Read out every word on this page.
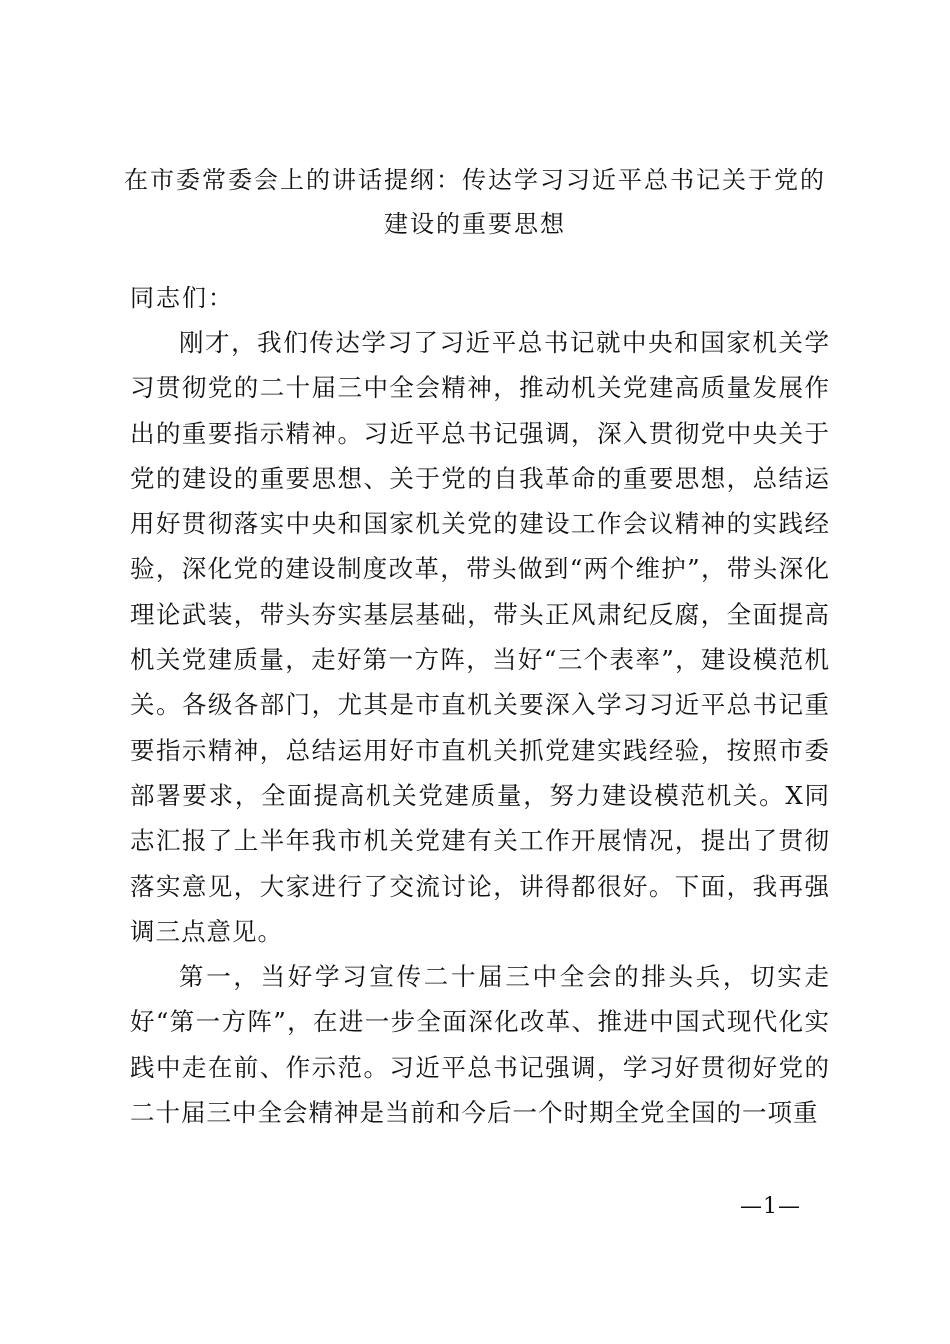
在市委常委会上的讲话提纲：传达学习习近平总书记关于党的
建设的重要思想
同志们：

刚才，我们传达学习了习近平总书记就中央和国家机关学习贯彻党的二十届三中全会精神，推动机关党建高质量发展作出的重要指示精神。习近平总书记强调，深入贯彻党中央关于党的建设的重要思想、关于党的自我革命的重要思想，总结运用好贯彻落实中央和国家机关党的建设工作会议精神的实践经验，深化党的建设制度改革，带头做到“两个维护”，带头深化理论武装，带头夯实基层基础，带头正风肃纪反腐，全面提高机关党建质量，走好第一方阵，当好“三个表率”，建设模范机关。各级各部门，尤其是市直机关要深入学习习近平总书记重要指示精神，总结运用好市直机关抓党建实践经验，按照市委部署要求，全面提高机关党建质量，努力建设模范机关。X同志汇报了上半年我市机关党建有关工作开展情况，提出了贯彻落实意见，大家进行了交流讨论，讲得都很好。下面，我再强调三点意见。

第一，当好学习宣传二十届三中全会的排头兵，切实走好“第一方阵”，在进一步全面深化改革、推进中国式现代化实践中走在前、作示范。习近平总书记强调，学习好贯彻好党的二十届三中全会精神是当前和今后一个时期全党全国的一项重

—1—
